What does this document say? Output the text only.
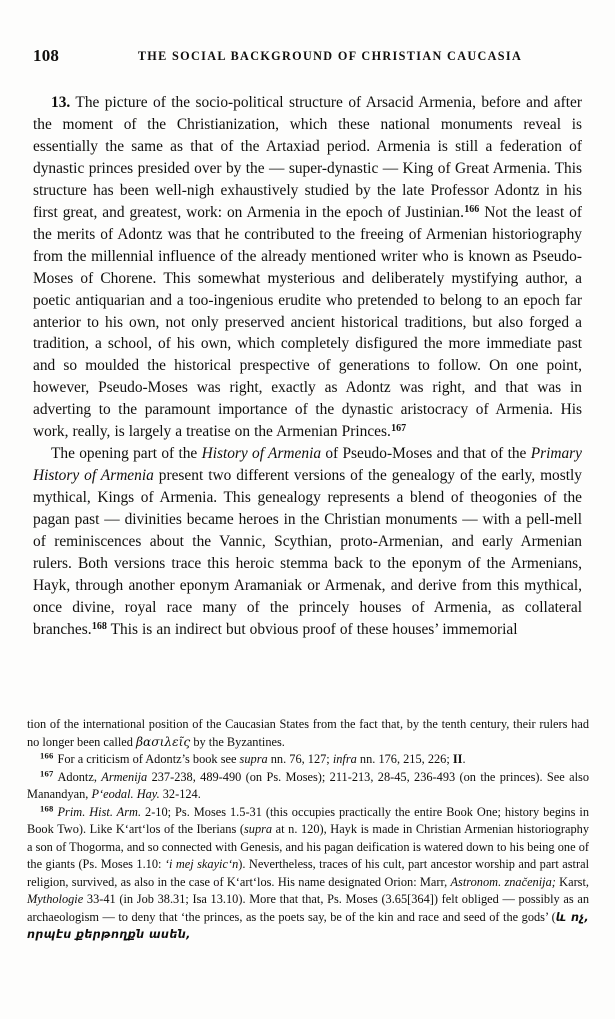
108	THE SOCIAL BACKGROUND OF CHRISTIAN CAUCASIA

13. The picture of the socio-political structure of Arsacid Armenia, before and after the moment of the Christianization, which these national monuments reveal is essentially the same as that of the Artaxiad period. Armenia is still a federation of dynastic princes presided over by the — super-dynastic — King of Great Armenia. This structure has been well-nigh exhaustively studied by the late Professor Adontz in his first great, and greatest, work: on Armenia in the epoch of Justinian.$^{166}$ Not the least of the merits of Adontz was that he contributed to the freeing of Armenian historiography from the millennial influence of the already mentioned writer who is known as Pseudo-Moses of Chorene. This somewhat mysterious and deliberately mystifying author, a poetic antiquarian and a too-ingenious erudite who pretended to belong to an epoch far anterior to his own, not only preserved ancient historical traditions, but also forged a tradition, a school, of his own, which completely disfigured the more immediate past and so moulded the historical prespective of generations to follow. On one point, however, Pseudo-Moses was right, exactly as Adontz was right, and that was in adverting to the paramount importance of the dynastic aristocracy of Armenia. His work, really, is largely a treatise on the Armenian Princes.$^{167}$

The opening part of the History of Armenia of Pseudo-Moses and that of the Primary History of Armenia present two different versions of the genealogy of the early, mostly mythical, Kings of Armenia. This genealogy represents a blend of theogonies of the pagan past — divinities became heroes in the Christian monuments — with a pell-mell of reminiscences about the Vannic, Scythian, proto-Armenian, and early Armenian rulers. Both versions trace this heroic stemma back to the eponym of the Armenians, Hayk, through another eponym Aramaniak or Armenak, and derive from this mythical, once divine, royal race many of the princely houses of Armenia, as collateral branches.$^{168}$ This is an indirect but obvious proof of these houses’ immemorial

tion of the international position of the Caucasian States from the fact that, by the tenth century, their rulers had no longer been called βασιλεῖς by the Byzantines.

$^{166}$ For a criticism of Adontz’s book see supra nn. 76, 127; infra nn. 176, 215, 226; II.

$^{167}$ Adontz, Armenija 237-238, 489-490 (on Ps. Moses); 211-213, 28-45, 236-493 (on the princes). See also Manandyan, P‘eodal. Hay. 32-124.

$^{168}$ Prim. Hist. Arm. 2-10; Ps. Moses 1.5-31 (this occupies practically the entire Book One; history begins in Book Two). Like K‘art‘los of the Iberians (supra at n. 120), Hayk is made in Christian Armenian historiography a son of Thogorma, and so connected with Genesis, and his pagan deification is watered down to his being one of the giants (Ps. Moses 1.10: ‘i mej skayic‘n). Nevertheless, traces of his cult, part ancestor worship and part astral religion, survived, as also in the case of K‘art‘los. His name designated Orion: Marr, Astronom. značenija; Karst, Mythologie 33-41 (in Job 38.31; Isa 13.10). More that that, Ps. Moses (3.65[364]) felt obliged — possibly as an archaeologism — to deny that ‘the princes, as the poets say, be of the kin and race and seed of the gods’ (և ոչ, որպէս քերթողքն ասեն,
